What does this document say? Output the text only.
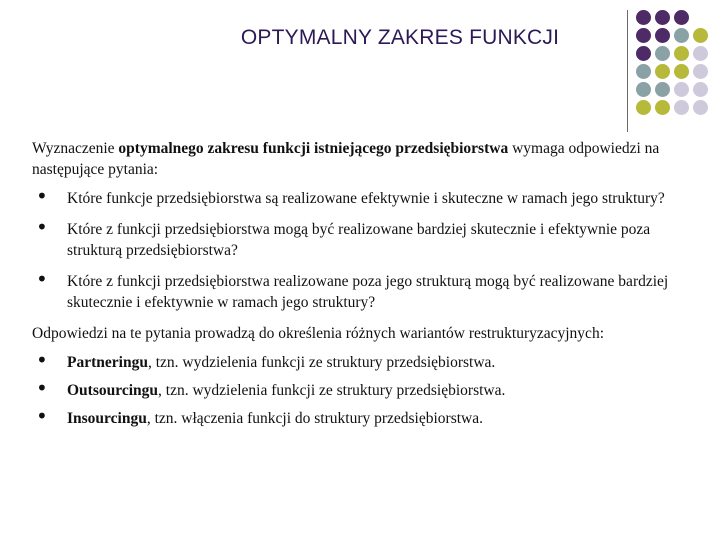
OPTYMALNY ZAKRES FUNKCJI

Wyznaczenie optymalnego zakresu funkcji istniejącego przedsiębiorstwa wymaga odpowiedzi na następujące pytania:

• Które funkcje przedsiębiorstwa są realizowane efektywnie i skuteczne w ramach jego struktury?
• Które z funkcji przedsiębiorstwa mogą być realizowane bardziej skutecznie i efektywnie poza strukturą przedsiębiorstwa?
• Które z funkcji przedsiębiorstwa realizowane poza jego strukturą mogą być realizowane bardziej skutecznie i efektywnie w ramach jego struktury?

Odpowiedzi na te pytania prowadzą do określenia różnych wariantów restrukturyzacyjnych:

• Partneringu, tzn. wydzielenia funkcji ze struktury przedsiębiorstwa.
• Outsourcingu, tzn. wydzielenia funkcji ze struktury przedsiębiorstwa.
• Insourcingu, tzn. włączenia funkcji do struktury przedsiębiorstwa.
